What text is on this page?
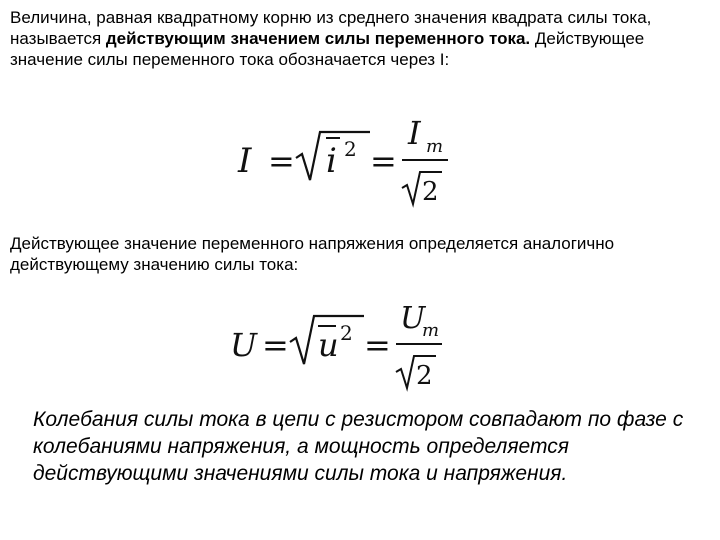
Величина, равная квадратному корню из среднего значения квадрата силы тока, называется действующим значением силы переменного тока. Действующее значение силы переменного тока обозначается через I:
I = i 2 =
I m
2
Действующее значение переменного напряжения определяется аналогично действующему значению силы тока:
U = u 2 =
U
m
2
Колебания силы тока в цепи с резистором совпадают по фазе с колебаниями напряжения, а мощность определяется действующими значениями силы тока и напряжения.
